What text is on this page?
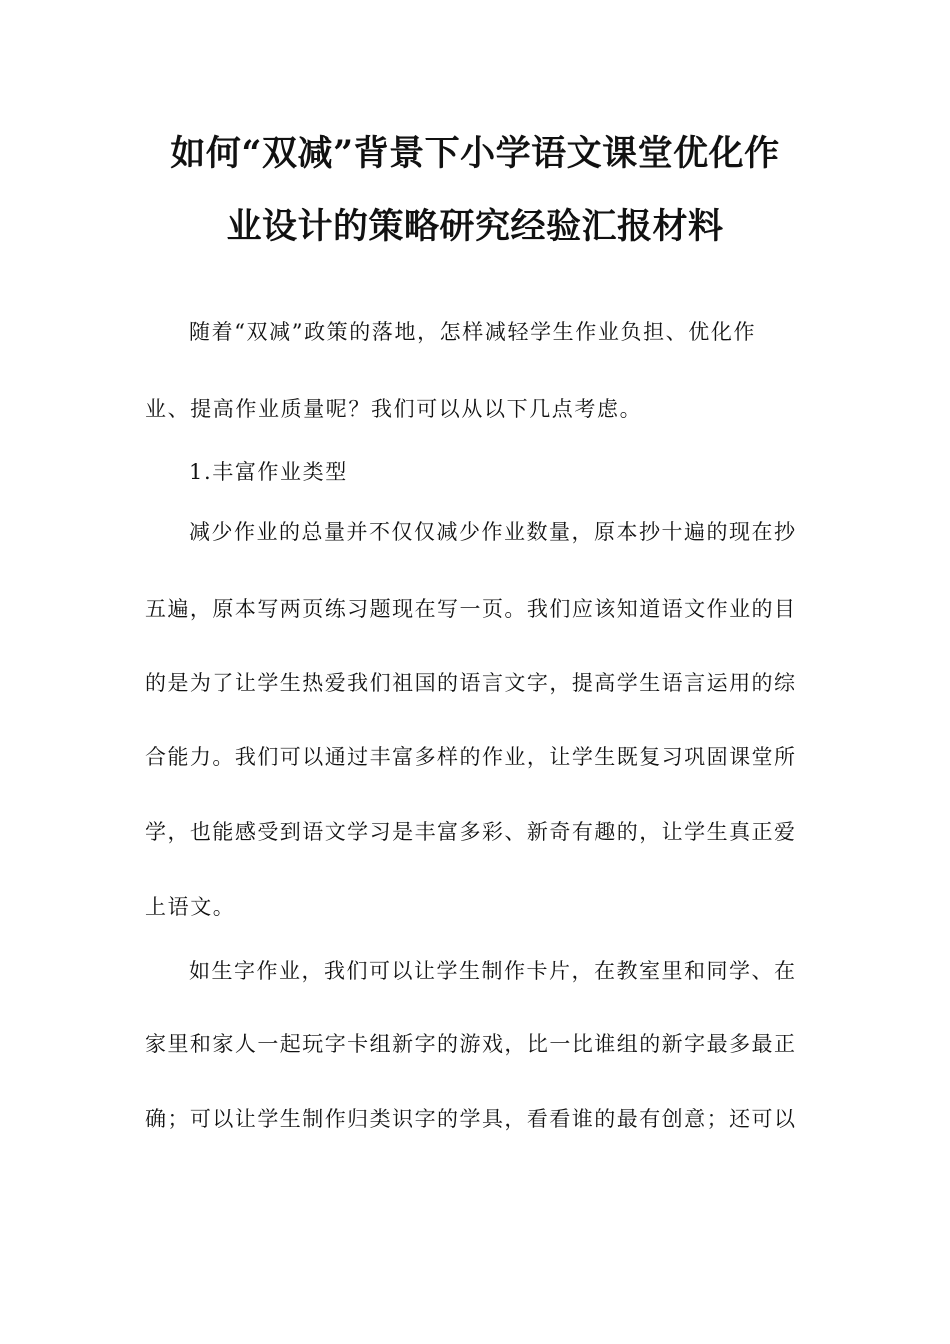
如何“双减”背景下小学语文课堂优化作
业设计的策略研究经验汇报材料
随着“双减”政策的落地，怎样减轻学生作业负担、优化作
业、提高作业质量呢？我们可以从以下几点考虑。
1.丰富作业类型
减少作业的总量并不仅仅减少作业数量，原本抄十遍的现在抄
五遍，原本写两页练习题现在写一页。我们应该知道语文作业的目
的是为了让学生热爱我们祖国的语言文字，提高学生语言运用的综
合能力。我们可以通过丰富多样的作业，让学生既复习巩固课堂所
学，也能感受到语文学习是丰富多彩、新奇有趣的，让学生真正爱
上语文。
如生字作业，我们可以让学生制作卡片，在教室里和同学、在
家里和家人一起玩字卡组新字的游戏，比一比谁组的新字最多最正
确；可以让学生制作归类识字的学具，看看谁的最有创意；还可以
